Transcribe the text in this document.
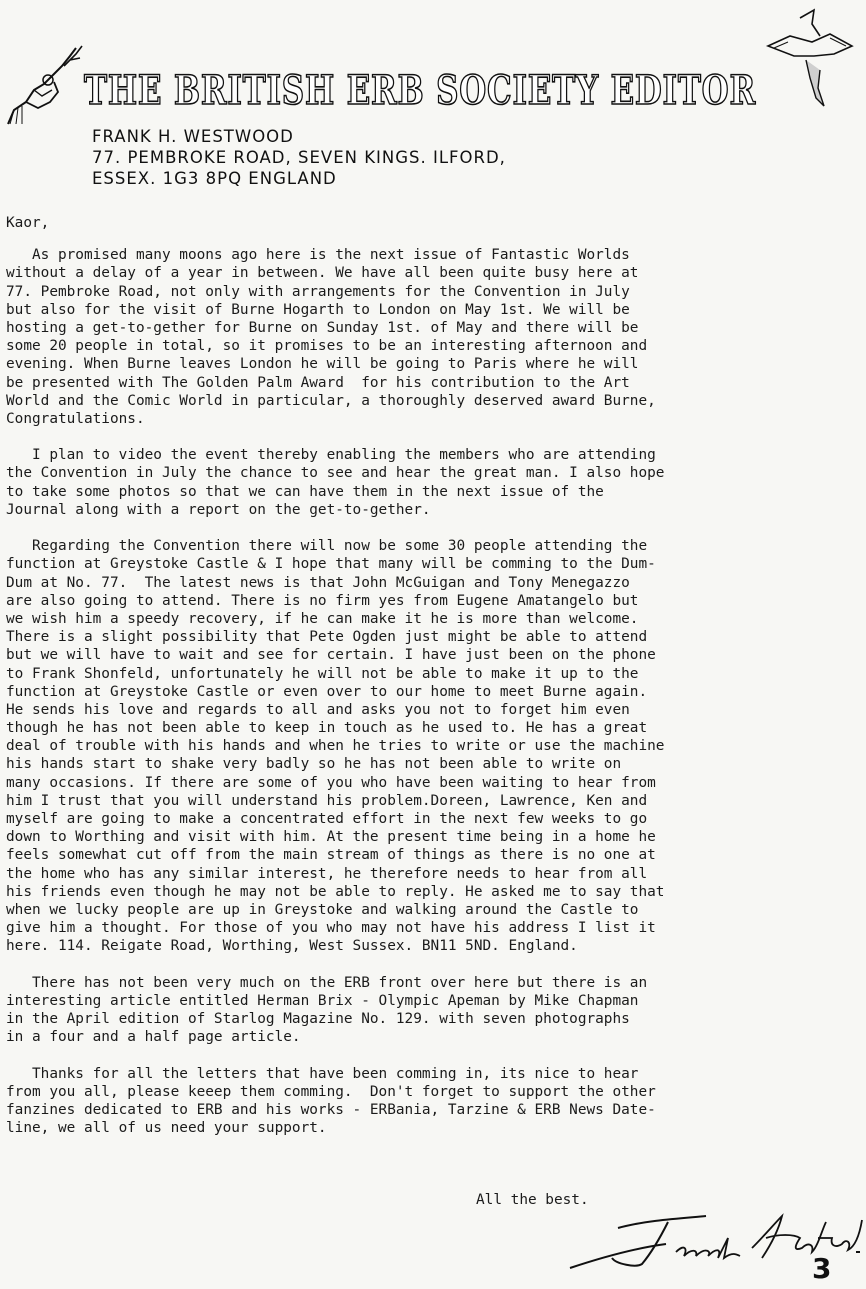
THE BRITISH ERB SOCIETY EDITOR
FRANK H. WESTWOOD
77. PEMBROKE ROAD, SEVEN KINGS. ILFORD,
ESSEX. 1G3 8PQ ENGLAND
Kaor,
As promised many moons ago here is the next issue of Fantastic Worlds
without a delay of a year in between. We have all been quite busy here at
77. Pembroke Road, not only with arrangements for the Convention in July
but also for the visit of Burne Hogarth to London on May 1st. We will be
hosting a get-to-gether for Burne on Sunday 1st. of May and there will be
some 20 people in total, so it promises to be an interesting afternoon and
evening. When Burne leaves London he will be going to Paris where he will
be presented with The Golden Palm Award  for his contribution to the Art
World and the Comic World in particular, a thoroughly deserved award Burne,
Congratulations.
I plan to video the event thereby enabling the members who are attending
the Convention in July the chance to see and hear the great man. I also hope
to take some photos so that we can have them in the next issue of the
Journal along with a report on the get-to-gether.
Regarding the Convention there will now be some 30 people attending the
function at Greystoke Castle & I hope that many will be comming to the Dum-
Dum at No. 77.  The latest news is that John McGuigan and Tony Menegazzo
are also going to attend. There is no firm yes from Eugene Amatangelo but
we wish him a speedy recovery, if he can make it he is more than welcome.
There is a slight possibility that Pete Ogden just might be able to attend
but we will have to wait and see for certain. I have just been on the phone
to Frank Shonfeld, unfortunately he will not be able to make it up to the
function at Greystoke Castle or even over to our home to meet Burne again.
He sends his love and regards to all and asks you not to forget him even
though he has not been able to keep in touch as he used to. He has a great
deal of trouble with his hands and when he tries to write or use the machine
his hands start to shake very badly so he has not been able to write on
many occasions. If there are some of you who have been waiting to hear from
him I trust that you will understand his problem.Doreen, Lawrence, Ken and
myself are going to make a concentrated effort in the next few weeks to go
down to Worthing and visit with him. At the present time being in a home he
feels somewhat cut off from the main stream of things as there is no one at
the home who has any similar interest, he therefore needs to hear from all
his friends even though he may not be able to reply. He asked me to say that
when we lucky people are up in Greystoke and walking around the Castle to
give him a thought. For those of you who may not have his address I list it
here. 114. Reigate Road, Worthing, West Sussex. BN11 5ND. England.
There has not been very much on the ERB front over here but there is an
interesting article entitled Herman Brix - Olympic Apeman by Mike Chapman
in the April edition of Starlog Magazine No. 129. with seven photographs
in a four and a half page article.
Thanks for all the letters that have been comming in, its nice to hear
from you all, please keeep them comming.  Don't forget to support the other
fanzines dedicated to ERB and his works - ERBania, Tarzine & ERB News Date-
line, we all of us need your support.
All the best.
3
